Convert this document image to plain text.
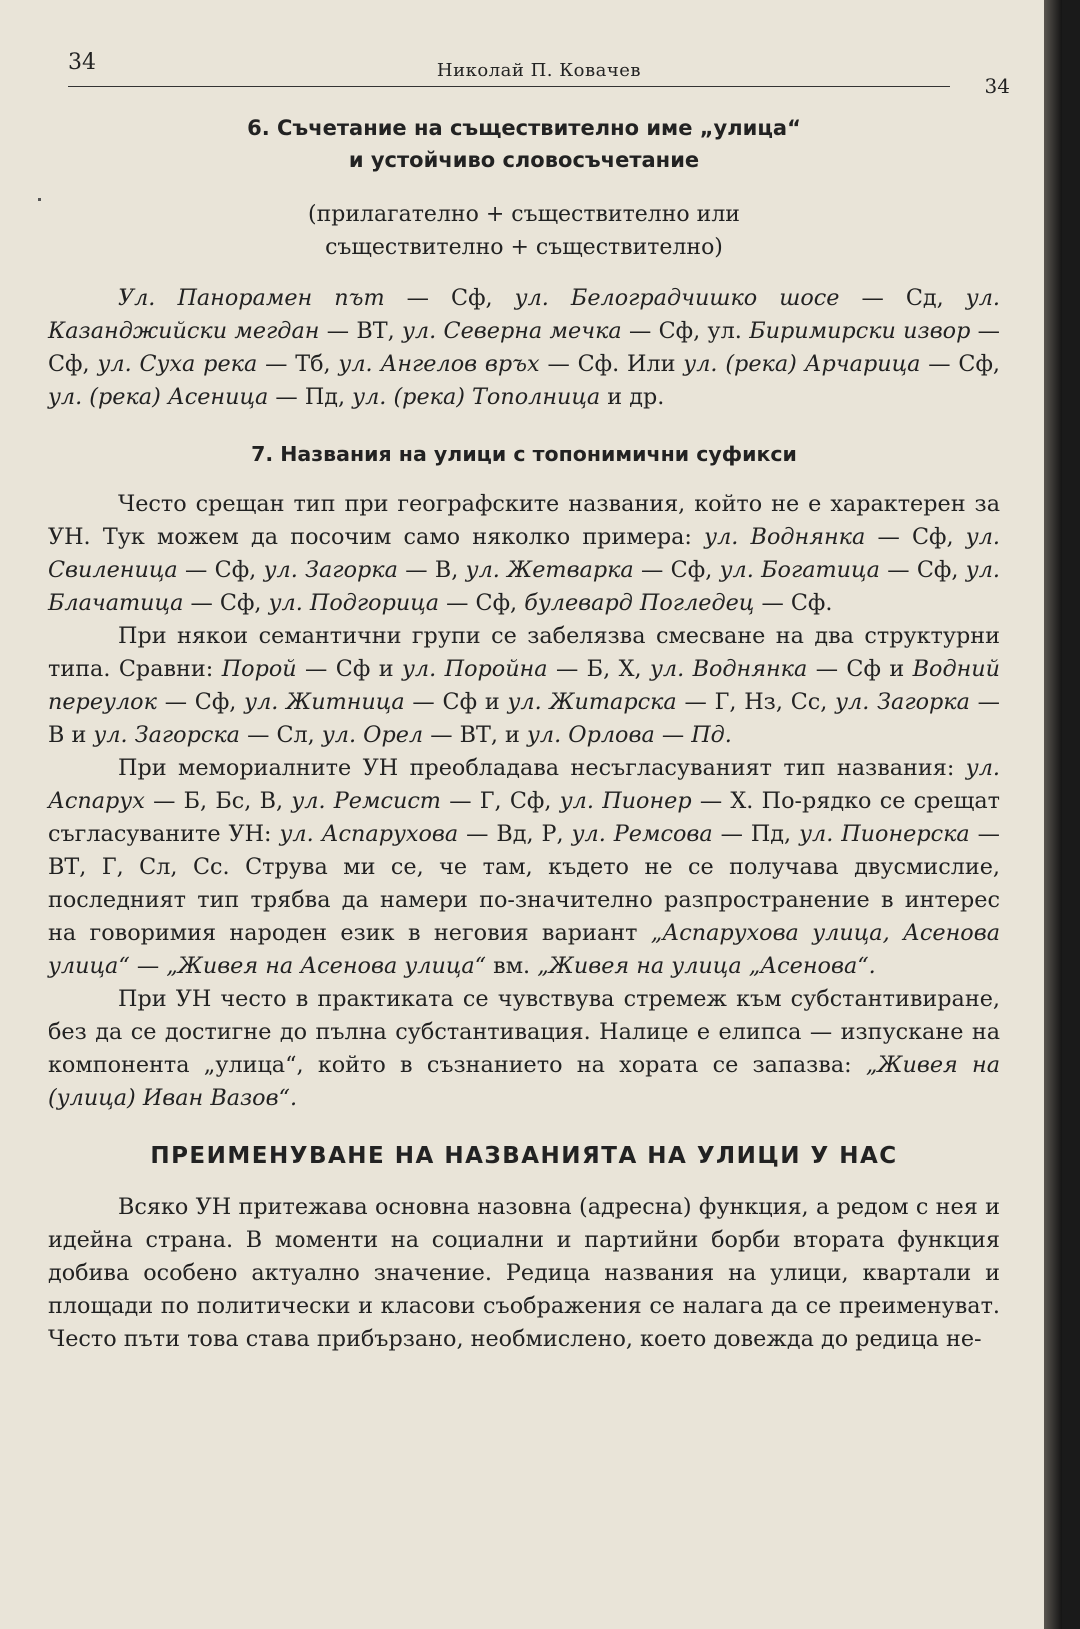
34	Николай П. Ковачев
34
6. Съчетание на съществително име „улица“
и устойчиво словосъчетание
(прилагателно + съществително или
съществително + съществително)

Ул. Панорамен път — Сф, ул. Белоградчишко шосе — Сд, ул. Казанджийски мегдан — ВТ, ул. Северна мечка — Сф, ул. Биримирски извор — Сф, ул. Суха река — Тб, ул. Ангелов връх — Сф. Или ул. (река) Арчарица — Сф, ул. (река) Асеница — Пд, ул. (река) Тополница и др.

7. Названия на улици с топонимични суфикси

Често срещан тип при географските названия, който не е характерен за УН. Тук можем да посочим само няколко примера: ул. Воднянка — Сф, ул. Свиленица — Сф, ул. Загорка — В, ул. Жетварка — Сф, ул. Богатица — Сф, ул. Блачатица — Сф, ул. Подгорица — Сф, булевард Погледец — Сф.

При някои семантични групи се забелязва смесване на два структурни типа. Сравни: Порой — Сф и ул. Поройна — Б, Х, ул. Воднянка — Сф и Водний переулок — Сф, ул. Житница — Сф и ул. Житарска — Г, Нз, Сс, ул. Загорка — В и ул. Загорска — Сл, ул. Орел — ВТ, и ул. Орлова — Пд.

При мемориалните УН преобладава несъгласуваният тип названия: ул. Аспарух — Б, Бс, В, ул. Ремсист — Г, Сф, ул. Пионер — Х. По-рядко се срещат съгласуваните УН: ул. Аспарухова — Вд, Р, ул. Ремсова — Пд, ул. Пионерска — ВТ, Г, Сл, Сс. Струва ми се, че там, където не се получава двусмислие, последният тип трябва да намери по-значително разпространение в интерес на говоримия народен език в неговия вариант „Аспарухова улица, Асенова улица“ — „Живея на Асенова улица“ вм. „Живея на улица „Асенова“.

При УН често в практиката се чувствува стремеж към субстантивиране, без да се достигне до пълна субстантивация. Налице е елипса — изпускане на компонента „улица“, който в съзнанието на хората се запазва: „Живея на (улица) Иван Вазов“.

ПРЕИМЕНУВАНЕ НА НАЗВАНИЯТА НА УЛИЦИ У НАС

Всяко УН притежава основна назовна (адресна) функция, а редом с нея и идейна страна. В моменти на социални и партийни борби втората функция добива особено актуално значение. Редица названия на улици, квартали и площади по политически и класови съображения се налага да се преименуват. Често пъти това става прибързано, необмислено, което довежда до редица не-
